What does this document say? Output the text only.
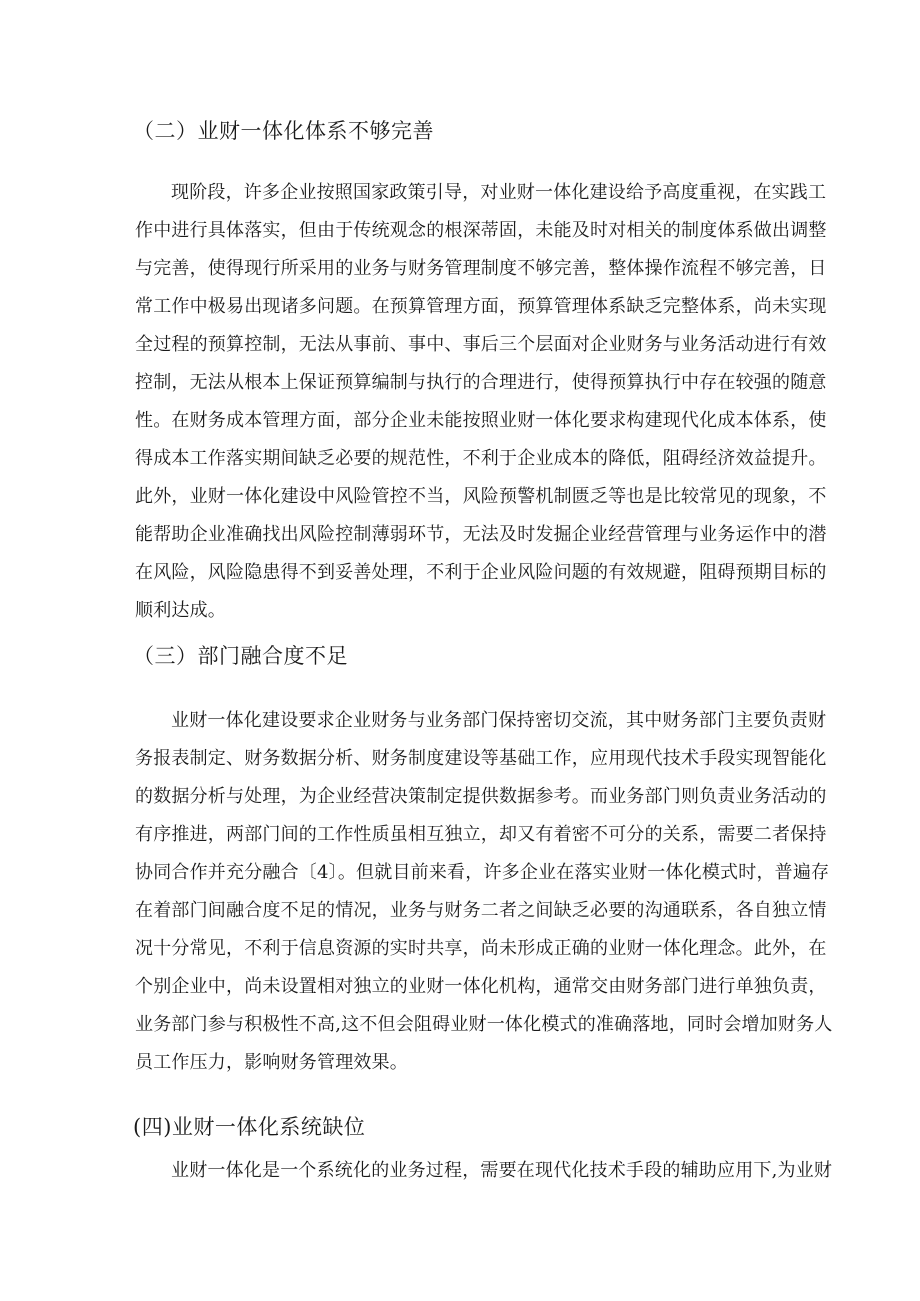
（二）业财一体化体系不够完善
现阶段，许多企业按照国家政策引导，对业财一体化建设给予高度重视，在实践工
作中进行具体落实，但由于传统观念的根深蒂固，未能及时对相关的制度体系做出调整
与完善，使得现行所采用的业务与财务管理制度不够完善，整体操作流程不够完善，日
常工作中极易出现诸多问题。在预算管理方面，预算管理体系缺乏完整体系，尚未实现
全过程的预算控制，无法从事前、事中、事后三个层面对企业财务与业务活动进行有效
控制，无法从根本上保证预算编制与执行的合理进行，使得预算执行中存在较强的随意
性。在财务成本管理方面，部分企业未能按照业财一体化要求构建现代化成本体系，使
得成本工作落实期间缺乏必要的规范性，不利于企业成本的降低，阻碍经济效益提升。
此外，业财一体化建设中风险管控不当，风险预警机制匮乏等也是比较常见的现象，不
能帮助企业准确找出风险控制薄弱环节，无法及时发掘企业经营管理与业务运作中的潜
在风险，风险隐患得不到妥善处理，不利于企业风险问题的有效规避，阻碍预期目标的
顺利达成。
（三）部门融合度不足
业财一体化建设要求企业财务与业务部门保持密切交流，其中财务部门主要负责财
务报表制定、财务数据分析、财务制度建设等基础工作，应用现代技术手段实现智能化
的数据分析与处理，为企业经营决策制定提供数据参考。而业务部门则负责业务活动的
有序推进，两部门间的工作性质虽相互独立，却又有着密不可分的关系，需要二者保持
协同合作并充分融合〔4〕。但就目前来看，许多企业在落实业财一体化模式时，普遍存
在着部门间融合度不足的情况，业务与财务二者之间缺乏必要的沟通联系，各自独立情
况十分常见，不利于信息资源的实时共享，尚未形成正确的业财一体化理念。此外，在
个别企业中，尚未设置相对独立的业财一体化机构，通常交由财务部门进行单独负责，
业务部门参与积极性不高,这不但会阻碍业财一体化模式的准确落地，同时会增加财务人
员工作压力，影响财务管理效果。
(四)业财一体化系统缺位
业财一体化是一个系统化的业务过程，需要在现代化技术手段的辅助应用下,为业财
